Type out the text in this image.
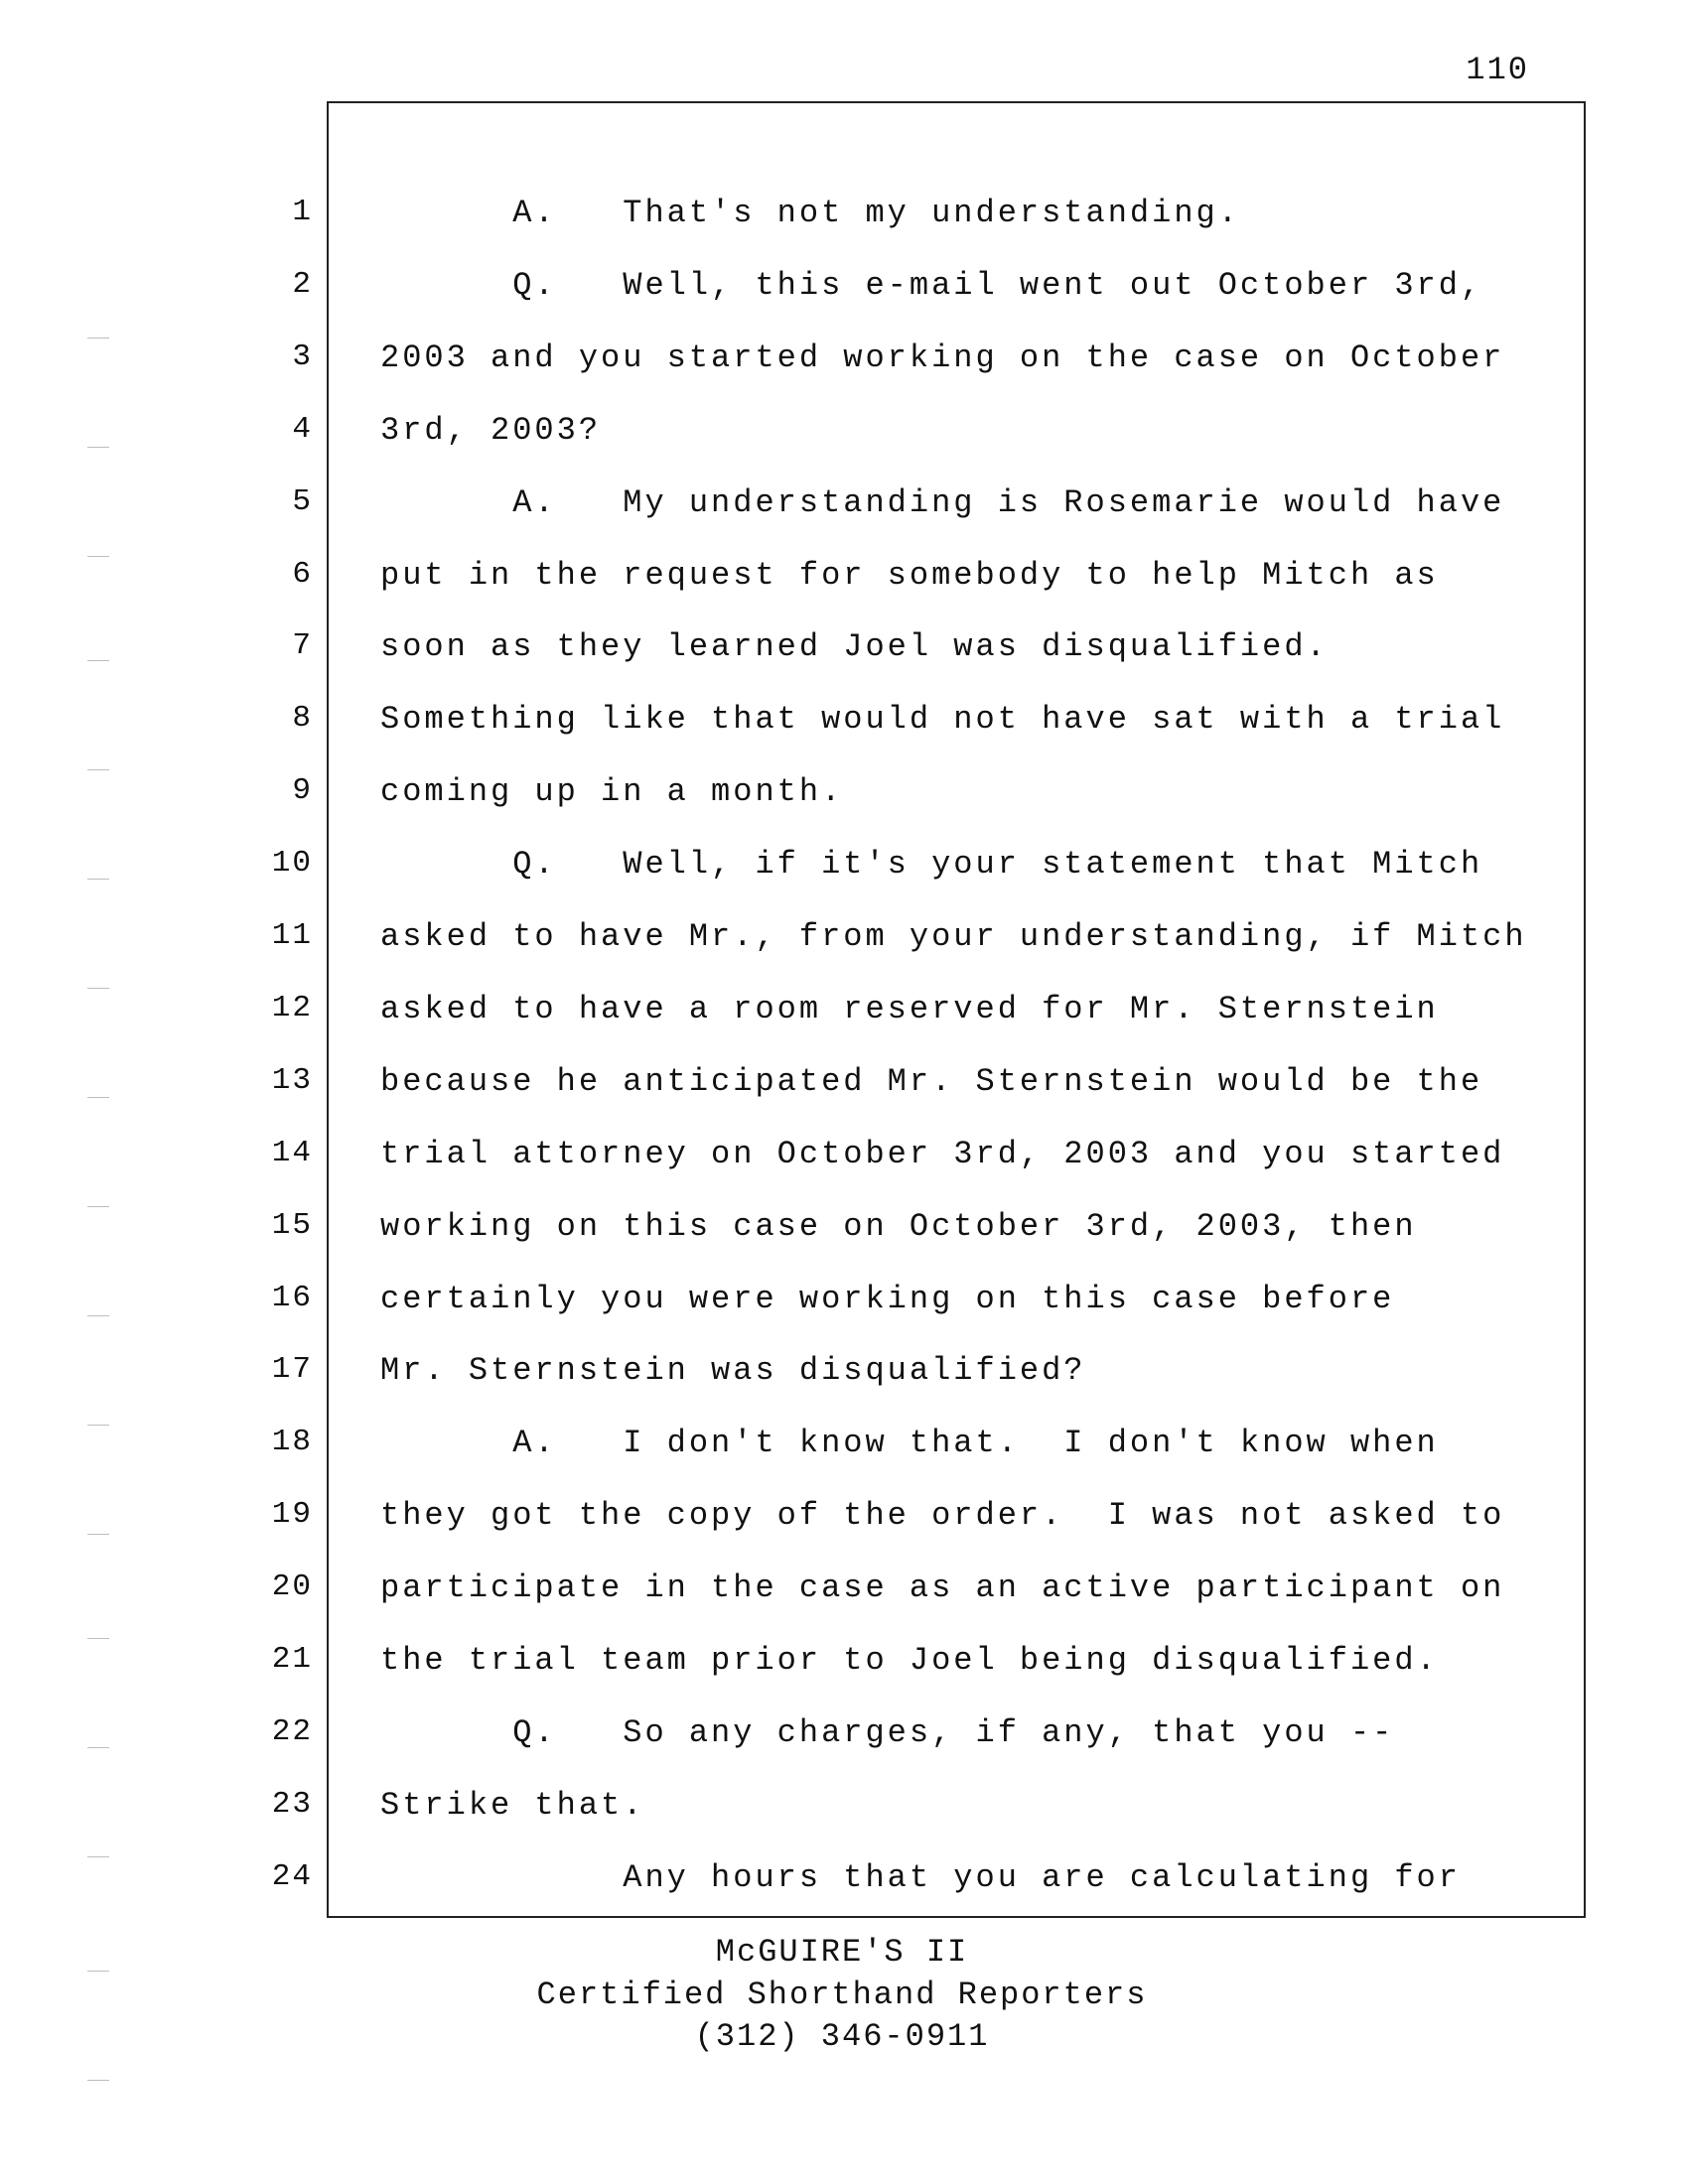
110
1 A.   That's not my understanding.
2 Q.   Well, this e-mail went out October 3rd,
3 2003 and you started working on the case on October
4 3rd, 2003?
5 A.   My understanding is Rosemarie would have
6 put in the request for somebody to help Mitch as
7 soon as they learned Joel was disqualified.
8 Something like that would not have sat with a trial
9 coming up in a month.
10 Q.   Well, if it's your statement that Mitch
11 asked to have Mr., from your understanding, if Mitch
12 asked to have a room reserved for Mr. Sternstein
13 because he anticipated Mr. Sternstein would be the
14 trial attorney on October 3rd, 2003 and you started
15 working on this case on October 3rd, 2003, then
16 certainly you were working on this case before
17 Mr. Sternstein was disqualified?
18 A.   I don't know that.  I don't know when
19 they got the copy of the order.  I was not asked to
20 participate in the case as an active participant on
21 the trial team prior to Joel being disqualified.
22 Q.   So any charges, if any, that you --
23 Strike that.
24 Any hours that you are calculating for
McGUIRE'S II
Certified Shorthand Reporters
(312) 346-0911
